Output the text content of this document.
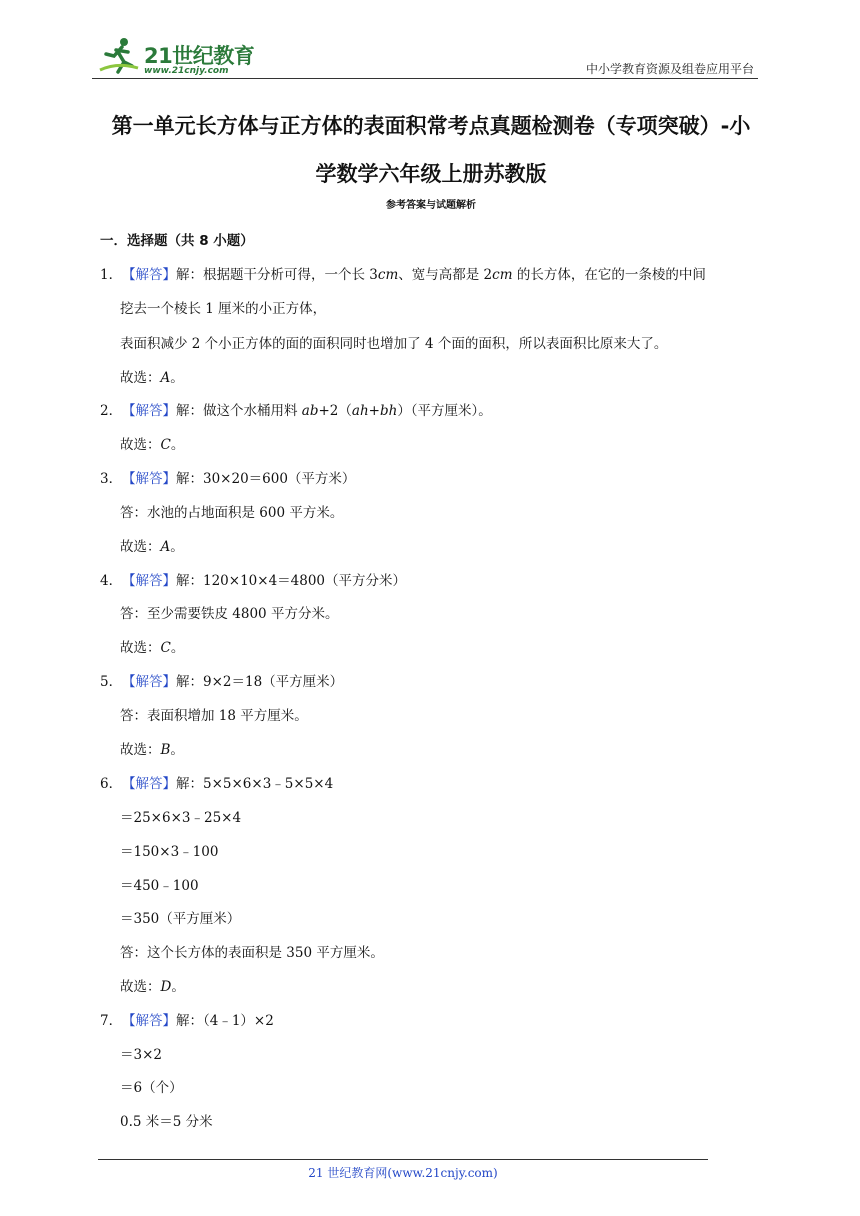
21世纪教育
www.21cnjy.com	中小学教育资源及组卷应用平台
第一单元长方体与正方体的表面积常考点真题检测卷（专项突破）-小
学数学六年级上册苏教版
参考答案与试题解析
一．选择题（共 8 小题）
1．【解答】解：根据题干分析可得，一个长 3cm、宽与高都是 2cm 的长方体，在它的一条棱的中间
挖去一个棱长 1 厘米的小正方体，
表面积减少 2 个小正方体的面的面积同时也增加了 4 个面的面积，所以表面积比原来大了。
故选：A。
2．【解答】解：做这个水桶用料 ab+2（ah+bh）（平方厘米）。
故选：C。
3．【解答】解：30×20＝600（平方米）
答：水池的占地面积是 600 平方米。
故选：A。
4．【解答】解：120×10×4＝4800（平方分米）
答：至少需要铁皮 4800 平方分米。
故选：C。
5．【解答】解：9×2＝18（平方厘米）
答：表面积增加 18 平方厘米。
故选：B。
6．【解答】解：5×5×6×3﹣5×5×4
＝25×6×3﹣25×4
＝150×3﹣100
＝450﹣100
＝350（平方厘米）
答：这个长方体的表面积是 350 平方厘米。
故选：D。
7．【解答】解：（4﹣1）×2
＝3×2
＝6（个）
0.5 米＝5 分米
21 世纪教育网(www.21cnjy.com)
